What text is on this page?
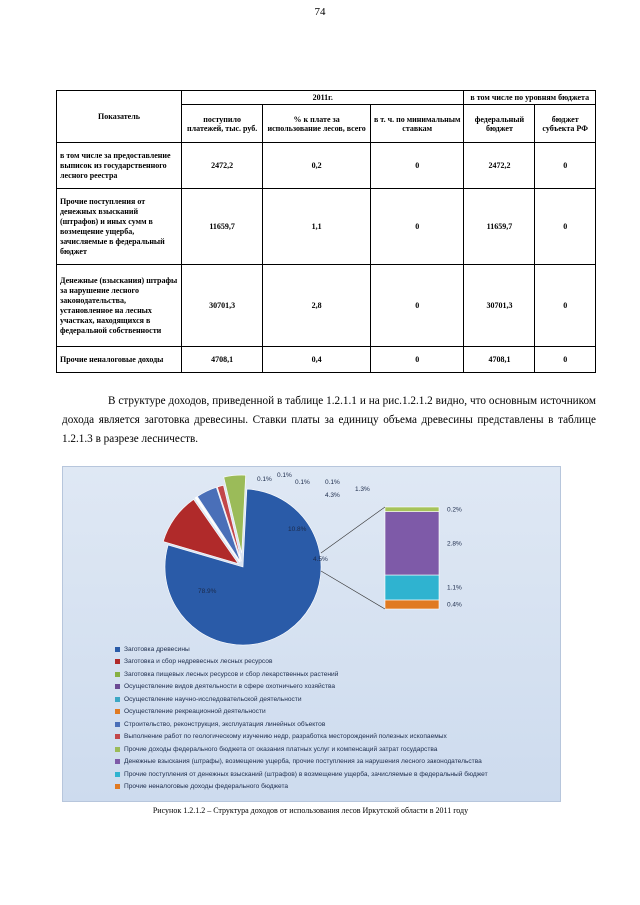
74
Показатель	2011г.			в том числе по уровням бюджета	
	поступило платежей, тыс. руб.	% к плате за использование лесов, всего	в т. ч. по минимальным ставкам	федеральный бюджет	бюджет субъекта РФ
в том числе за предоставление выписок из государственного лесного реестра	2472,2	0,2	0	2472,2	0
Прочие поступления от денежных взысканий (штрафов) и иных сумм в возмещение ущерба, зачисляемые в федеральный бюджет	11659,7	1,1	0	11659,7	0
Денежные (взыскания) штрафы за нарушение лесного законодательства, установленное на лесных участках, находящихся в федеральной собственности	30701,3	2,8	0	30701,3	0
Прочие неналоговые доходы	4708,1	0,4	0	4708,1	0

В структуре доходов, приведенной в таблице 1.2.1.1 и на рис.1.2.1.2 видно, что основным источником дохода является заготовка древесины. Ставки платы за единицу объема древесины представлены в таблице 1.2.1.3 в разрезе лесничеств.

78.9%
10.8%
0.1%
0.1%
0.1% 0.1%
4.3%
1.3%
4.5%
0.4%
1.1%
2.8%
0.2%
Заготовка древесины
Заготовка и сбор недревесных лесных ресурсов
Заготовка пищевых лесных ресурсов и сбор лекарственных растений
Осуществление видов деятельности в сфере охотничьего хозяйства
Осуществление научно-исследовательской деятельности
Осуществление рекреационной деятельности
Строительство, реконструкция, эксплуатация линейных объектов
Выполнение работ по геологическому изучению недр, разработка месторождений полезных ископаемых
Прочие доходы федерального бюджета от оказания платных услуг и компенсаций затрат государства
Денежные взыскания (штрафы), возмещение ущерба, прочие поступления за нарушения лесного законодательства
Прочие поступления от денежных взысканий (штрафов) в возмещение ущерба, зачисляемые в федеральный бюджет
Прочие неналоговые доходы федерального бюджета
Рисунок 1.2.1.2 – Структура доходов от использования лесов Иркутской области в 2011 году
